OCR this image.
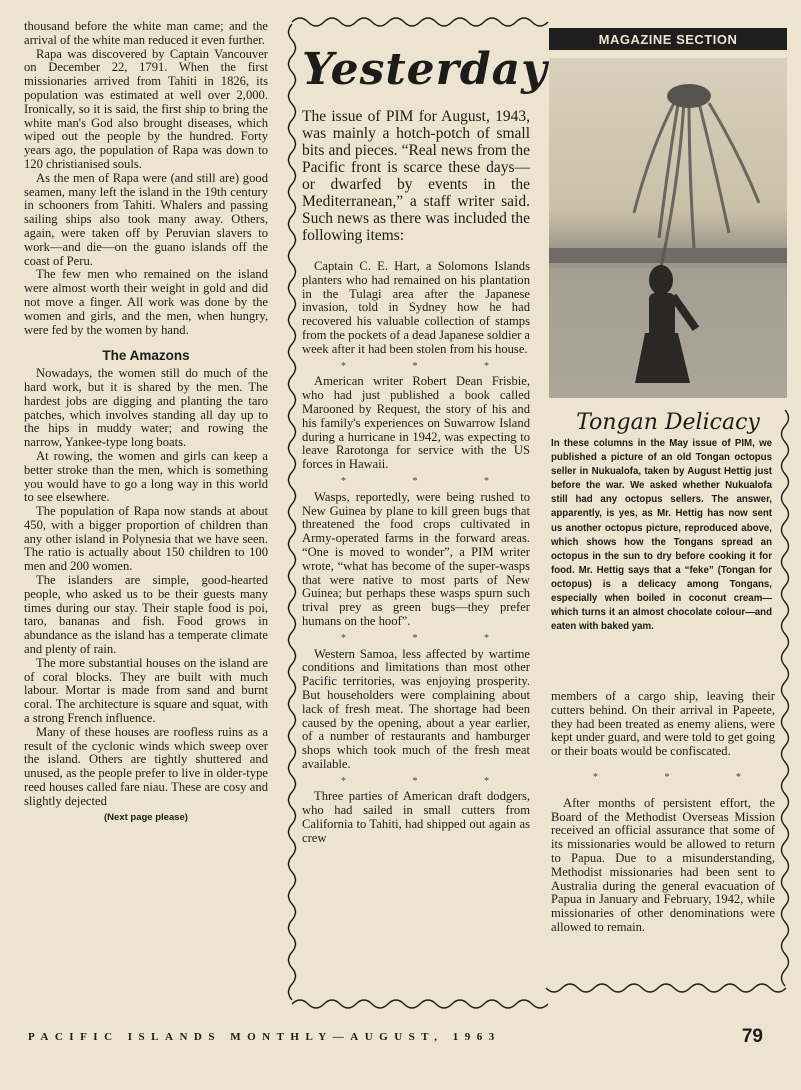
thousand before the white man came; and the arrival of the white man reduced it even further.

Rapa was discovered by Captain Vancouver on December 22, 1791. When the first missionaries arrived from Tahiti in 1826, its population was estimated at well over 2,000. Ironically, so it is said, the first ship to bring the white man's God also brought diseases, which wiped out the people by the hundred. Forty years ago, the population of Rapa was down to 120 christianised souls.

As the men of Rapa were (and still are) good seamen, many left the island in the 19th century in schooners from Tahiti. Whalers and passing sailing ships also took many away. Others, again, were taken off by Peruvian slavers to work—and die—on the guano islands off the coast of Peru.

The few men who remained on the island were almost worth their weight in gold and did not move a finger. All work was done by the women and girls, and the men, when hungry, were fed by the women by hand.

The Amazons

Nowadays, the women still do much of the hard work, but it is shared by the men. The hardest jobs are digging and planting the taro patches, which involves standing all day up to the hips in muddy water; and rowing the narrow, Yankee-type long boats.

At rowing, the women and girls can keep a better stroke than the men, which is something you would have to go a long way in this world to see elsewhere.

The population of Rapa now stands at about 450, with a bigger proportion of children than any other island in Polynesia that we have seen. The ratio is actually about 150 children to 100 men and 200 women.

The islanders are simple, good-hearted people, who asked us to be their guests many times during our stay. Their staple food is poi, taro, bananas and fish. Food grows in abundance as the island has a temperate climate and plenty of rain.

The more substantial houses on the island are of coral blocks. They are built with much labour. Mortar is made from sand and burnt coral. The architecture is square and squat, with a strong French influence.

Many of these houses are roofless ruins as a result of the cyclonic winds which sweep over the island. Others are tightly shuttered and unused, as the people prefer to live in older-type reed houses called fare niau. These are cosy and slightly dejected

(Next page please)
Yesterday

The issue of PIM for August, 1943, was mainly a hotch-potch of small bits and pieces. “Real news from the Pacific front is scarce these days—or dwarfed by events in the Mediterranean,” a staff writer said. Such news as there was included the following items:

Captain C. E. Hart, a Solomons Islands planters who had remained on his plantation in the Tulagi area after the Japanese invasion, told in Sydney how he had recovered his valuable collection of stamps from the pockets of a dead Japanese soldier a week after it had been stolen from his house.

* * *

American writer Robert Dean Frisbie, who had just published a book called Marooned by Request, the story of his and his family's experiences on Suwarrow Island during a hurricane in 1942, was expecting to leave Rarotonga for service with the US forces in Hawaii.

* * *

Wasps, reportedly, were being rushed to New Guinea by plane to kill green bugs that threatened the food crops cultivated in Army-operated farms in the forward areas. “One is moved to wonder”, a PIM writer wrote, “what has become of the super-wasps that were native to most parts of New Guinea; but perhaps these wasps spurn such trival prey as green bugs—they prefer humans on the hoof”.

* * *

Western Samoa, less affected by wartime conditions and limitations than most other Pacific territories, was enjoying prosperity. But householders were complaining about lack of fresh meat. The shortage had been caused by the opening, about a year earlier, of a number of restaurants and hamburger shops which took much of the fresh meat available.

* * *

Three parties of American draft dodgers, who had sailed in small cutters from California to Tahiti, had shipped out again as crew

MAGAZINE SECTION
Tongan Delicacy
In these columns in the May issue of PIM, we published a picture of an old Tongan octopus seller in Nukualofa, taken by August Hettig just before the war. We asked whether Nukualofa still had any octopus sellers. The answer, apparently, is yes, as Mr. Hettig has now sent us another octopus picture, reproduced above, which shows how the Tongans spread an octopus in the sun to dry before cooking it for food. Mr. Hettig says that a “feke” (Tongan for octopus) is a delicacy among Tongans, especially when boiled in coconut cream—which turns it an almost chocolate colour—and eaten with baked yam.

members of a cargo ship, leaving their cutters behind. On their arrival in Papeete, they had been treated as enemy aliens, were kept under guard, and were told to get going or their boats would be confiscated.

* * *

After months of persistent effort, the Board of the Methodist Overseas Mission received an official assurance that some of its missionaries would be allowed to return to Papua. Due to a misunderstanding, Methodist missionaries had been sent to Australia during the general evacuation of Papua in January and February, 1942, while missionaries of other denominations were allowed to remain.

PACIFIC ISLANDS MONTHLY—AUGUST, 1963	79
